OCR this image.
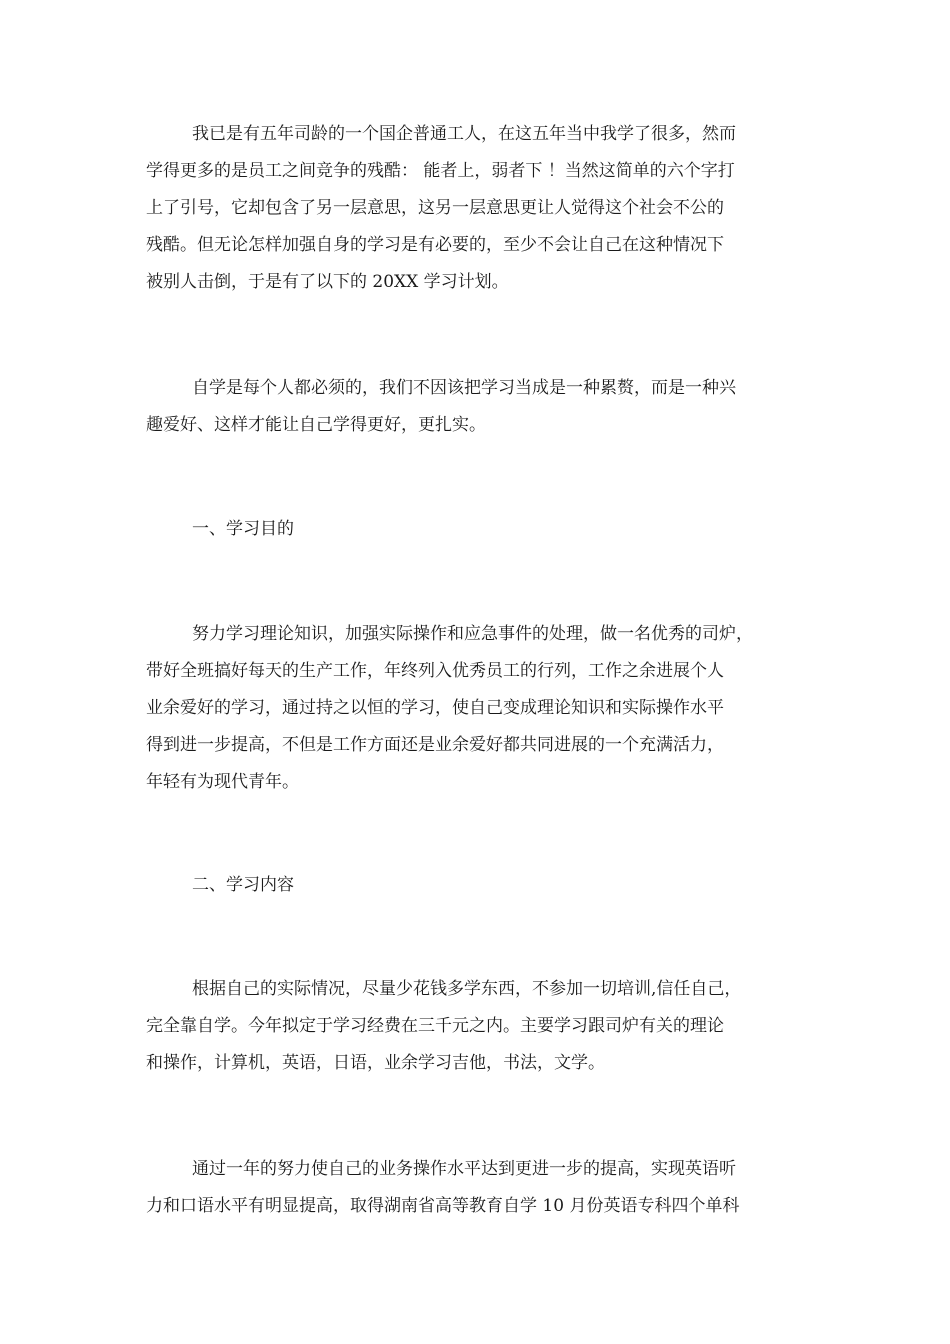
我已是有五年司龄的一个国企普通工人，在这五年当中我学了很多，然而
学得更多的是员工之间竞争的残酷： 能者上，弱者下 ！当然这简单的六个字打
上了引号，它却包含了另一层意思，这另一层意思更让人觉得这个社会不公的
残酷。但无论怎样加强自身的学习是有必要的，至少不会让自己在这种情况下
被别人击倒，于是有了以下的 20XX 学习计划。
自学是每个人都必须的，我们不因该把学习当成是一种累赘，而是一种兴
趣爱好、这样才能让自己学得更好，更扎实。
一、学习目的
努力学习理论知识，加强实际操作和应急事件的处理，做一名优秀的司炉，
带好全班搞好每天的生产工作，年终列入优秀员工的行列，工作之余进展个人
业余爱好的学习，通过持之以恒的学习，使自己变成理论知识和实际操作水平
得到进一步提高，不但是工作方面还是业余爱好都共同进展的一个充满活力，
年轻有为现代青年。
二、学习内容
根据自己的实际情况，尽量少花钱多学东西，不参加一切培训,信任自己，
完全靠自学。今年拟定于学习经费在三千元之内。主要学习跟司炉有关的理论
和操作，计算机，英语，日语，业余学习吉他，书法，文学。
通过一年的努力使自己的业务操作水平达到更进一步的提高，实现英语听
力和口语水平有明显提高，取得湖南省高等教育自学 10 月份英语专科四个单科
